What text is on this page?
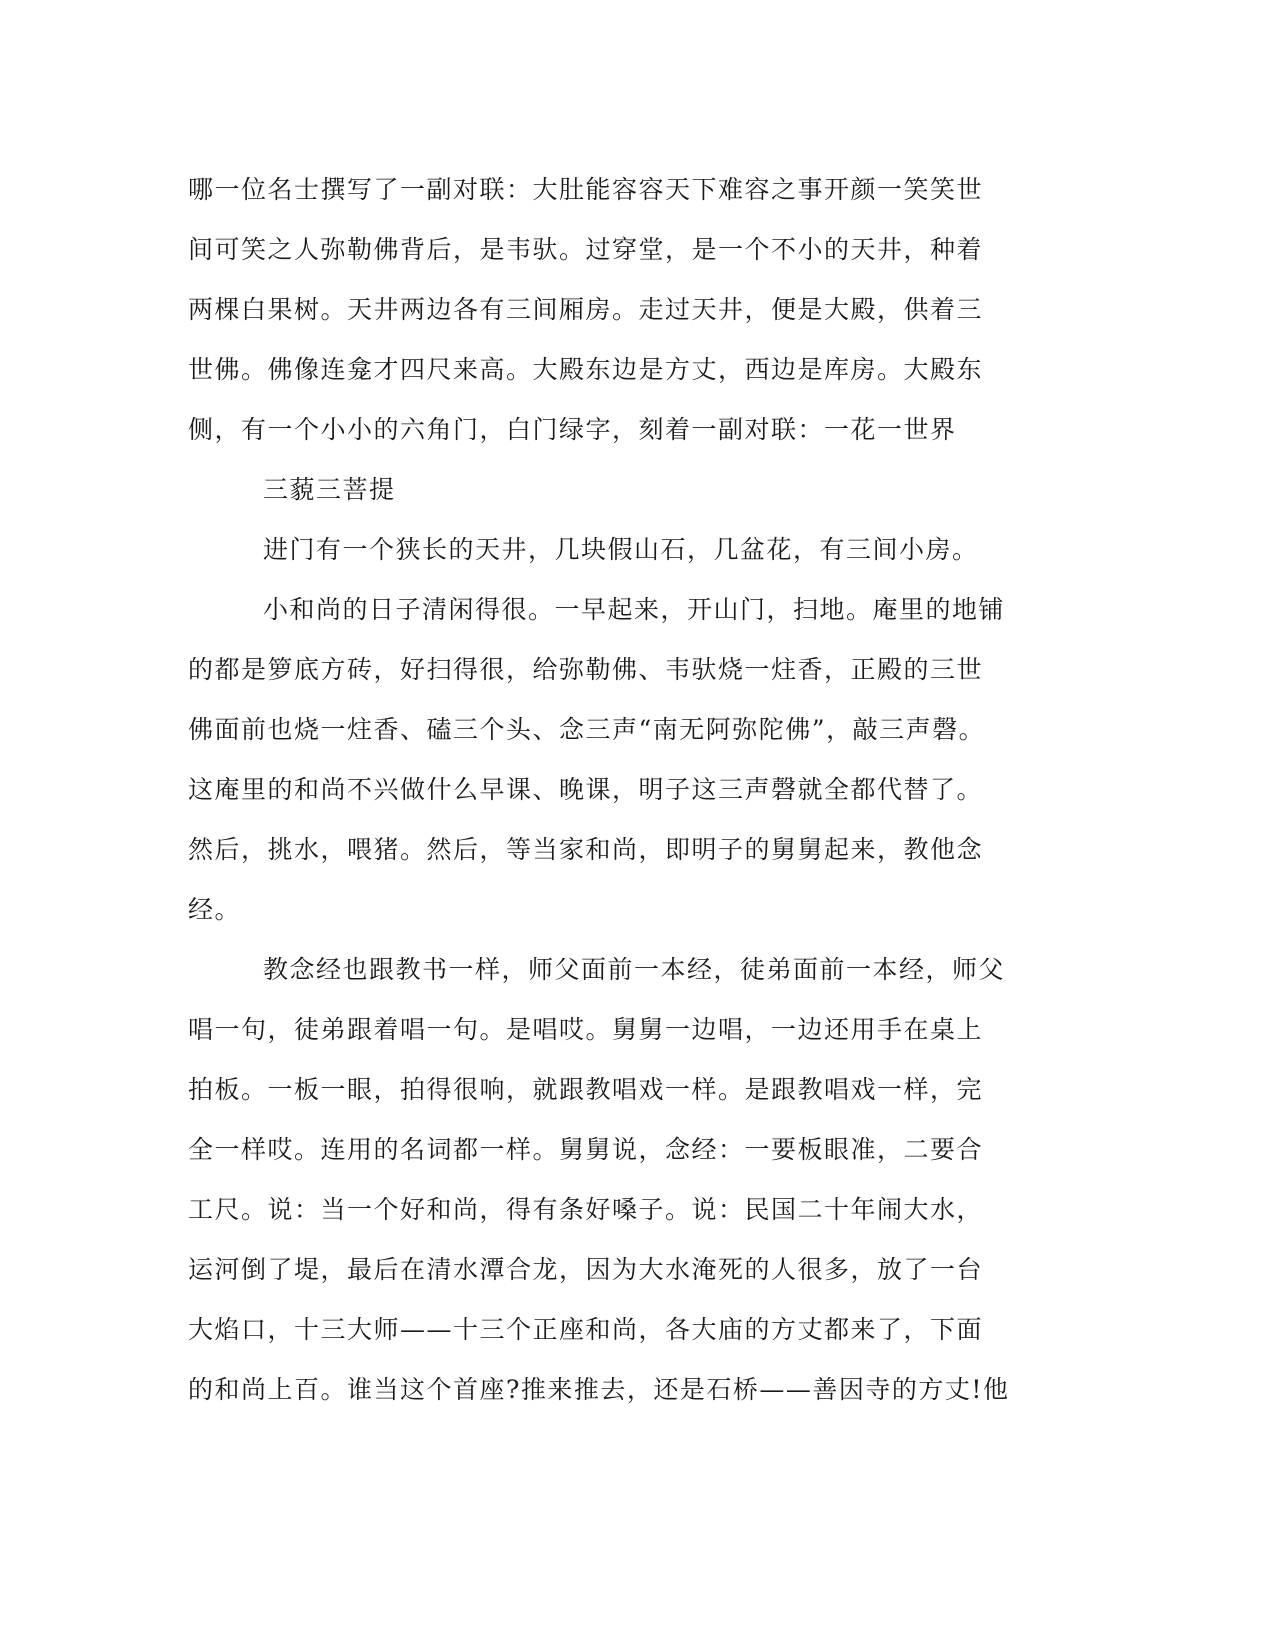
哪一位名士撰写了一副对联：大肚能容容天下难容之事开颜一笑笑世
间可笑之人弥勒佛背后，是韦驮。过穿堂，是一个不小的天井，种着
两棵白果树。天井两边各有三间厢房。走过天井，便是大殿，供着三
世佛。佛像连龛才四尺来高。大殿东边是方丈，西边是库房。大殿东
侧，有一个小小的六角门，白门绿字，刻着一副对联：一花一世界
三藐三菩提
进门有一个狭长的天井，几块假山石，几盆花，有三间小房。
小和尚的日子清闲得很。一早起来，开山门，扫地。庵里的地铺
的都是箩底方砖，好扫得很，给弥勒佛、韦驮烧一炷香，正殿的三世
佛面前也烧一炷香、磕三个头、念三声“南无阿弥陀佛”，敲三声磬。
这庵里的和尚不兴做什么早课、晚课，明子这三声磬就全都代替了。
然后，挑水，喂猪。然后，等当家和尚，即明子的舅舅起来，教他念
经。
教念经也跟教书一样，师父面前一本经，徒弟面前一本经，师父
唱一句，徒弟跟着唱一句。是唱哎。舅舅一边唱，一边还用手在桌上
拍板。一板一眼，拍得很响，就跟教唱戏一样。是跟教唱戏一样，完
全一样哎。连用的名词都一样。舅舅说，念经：一要板眼准，二要合
工尺。说：当一个好和尚，得有条好嗓子。说：民国二十年闹大水，
运河倒了堤，最后在清水潭合龙，因为大水淹死的人很多，放了一台
大焰口，十三大师——十三个正座和尚，各大庙的方丈都来了，下面
的和尚上百。谁当这个首座?推来推去，还是石桥——善因寺的方丈!他
